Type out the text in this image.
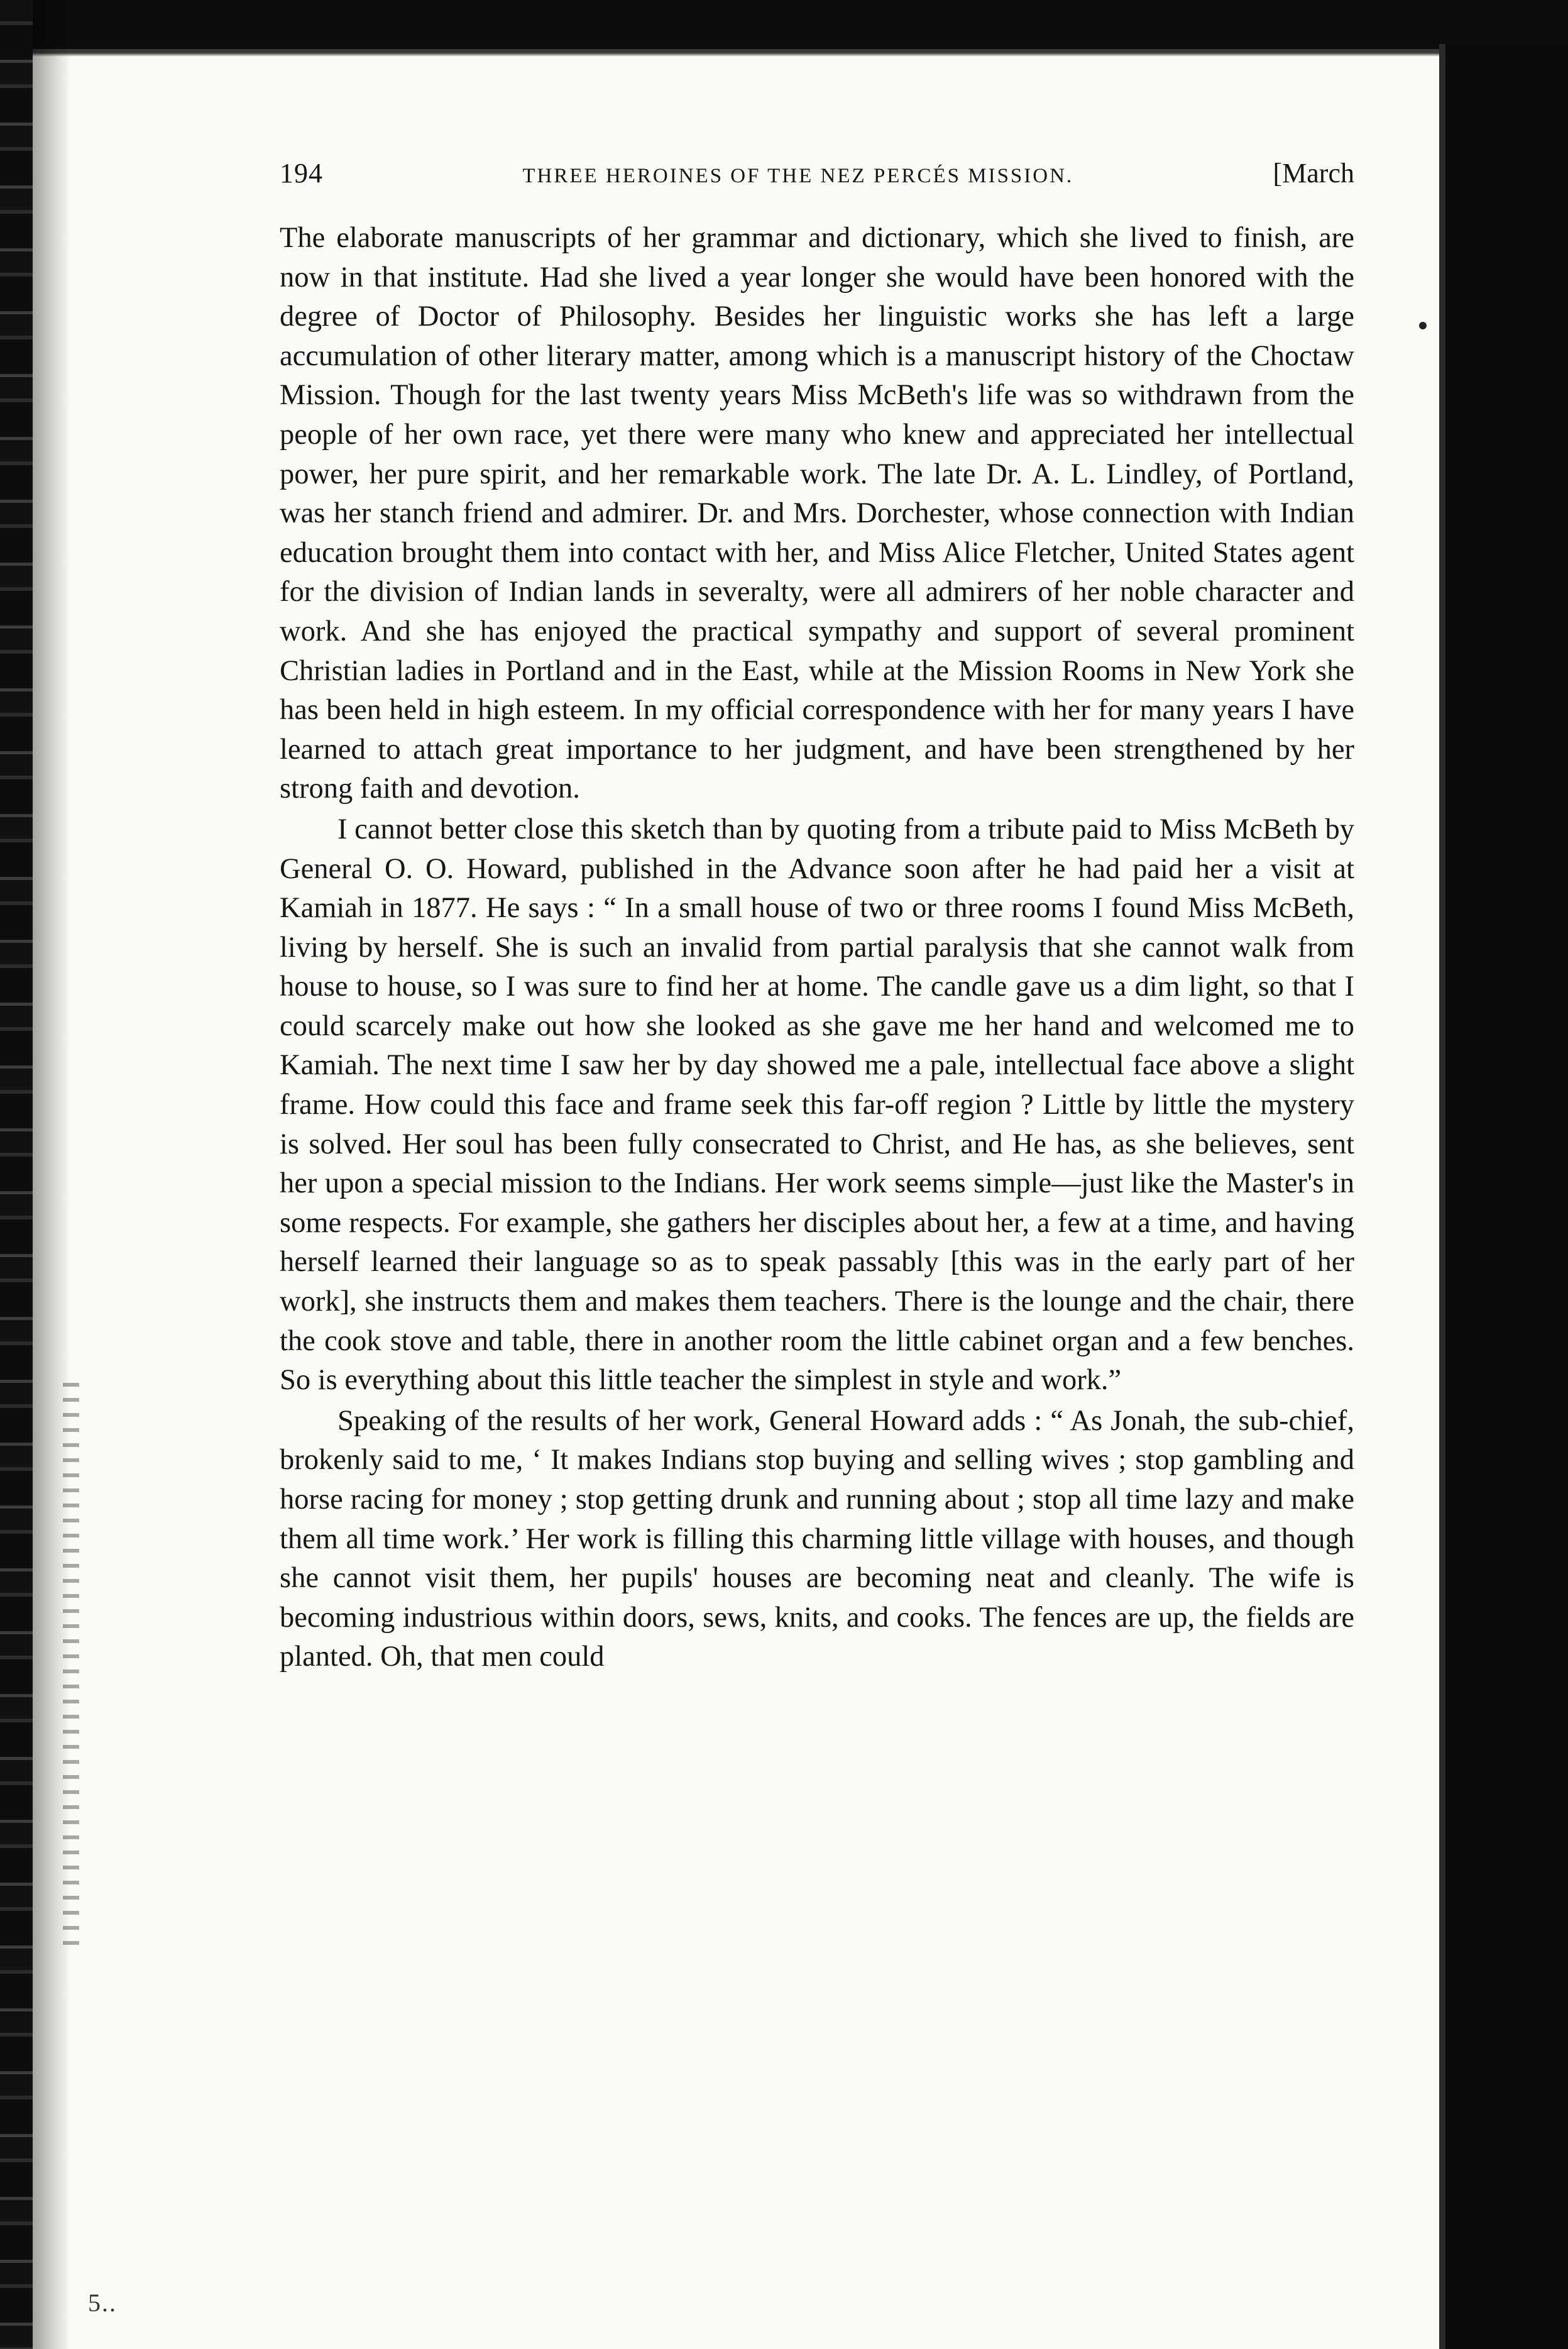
194	THREE HEROINES OF THE NEZ PERCÉS MISSION.	[March

The elaborate manuscripts of her grammar and dictionary, which she lived to finish, are now in that institute. Had she lived a year longer she would have been honored with the degree of Doctor of Philosophy. Besides her linguistic works she has left a large accumulation of other literary matter, among which is a manuscript history of the Choctaw Mission. Though for the last twenty years Miss McBeth's life was so withdrawn from the people of her own race, yet there were many who knew and appreciated her intellectual power, her pure spirit, and her remarkable work. The late Dr. A. L. Lindley, of Portland, was her stanch friend and admirer. Dr. and Mrs. Dorchester, whose connection with Indian education brought them into contact with her, and Miss Alice Fletcher, United States agent for the division of Indian lands in severalty, were all admirers of her noble character and work. And she has enjoyed the practical sympathy and support of several prominent Christian ladies in Portland and in the East, while at the Mission Rooms in New York she has been held in high esteem. In my official correspondence with her for many years I have learned to attach great importance to her judgment, and have been strengthened by her strong faith and devotion.

I cannot better close this sketch than by quoting from a tribute paid to Miss McBeth by General O. O. Howard, published in the Advance soon after he had paid her a visit at Kamiah in 1877. He says : “ In a small house of two or three rooms I found Miss McBeth, living by herself. She is such an invalid from partial paralysis that she cannot walk from house to house, so I was sure to find her at home. The candle gave us a dim light, so that I could scarcely make out how she looked as she gave me her hand and welcomed me to Kamiah. The next time I saw her by day showed me a pale, intellectual face above a slight frame. How could this face and frame seek this far-off region ? Little by little the mystery is solved. Her soul has been fully consecrated to Christ, and He has, as she believes, sent her upon a special mission to the Indians. Her work seems simple—just like the Master's in some respects. For example, she gathers her disciples about her, a few at a time, and having herself learned their language so as to speak passably [this was in the early part of her work], she instructs them and makes them teachers. There is the lounge and the chair, there the cook stove and table, there in another room the little cabinet organ and a few benches. So is everything about this little teacher the simplest in style and work.”

Speaking of the results of her work, General Howard adds : “ As Jonah, the sub-chief, brokenly said to me, ‘ It makes Indians stop buying and selling wives ; stop gambling and horse racing for money ; stop getting drunk and running about ; stop all time lazy and make them all time work.’ Her work is filling this charming little village with houses, and though she cannot visit them, her pupils' houses are becoming neat and cleanly. The wife is becoming industrious within doors, sews, knits, and cooks. The fences are up, the fields are planted. Oh, that men could

5..
